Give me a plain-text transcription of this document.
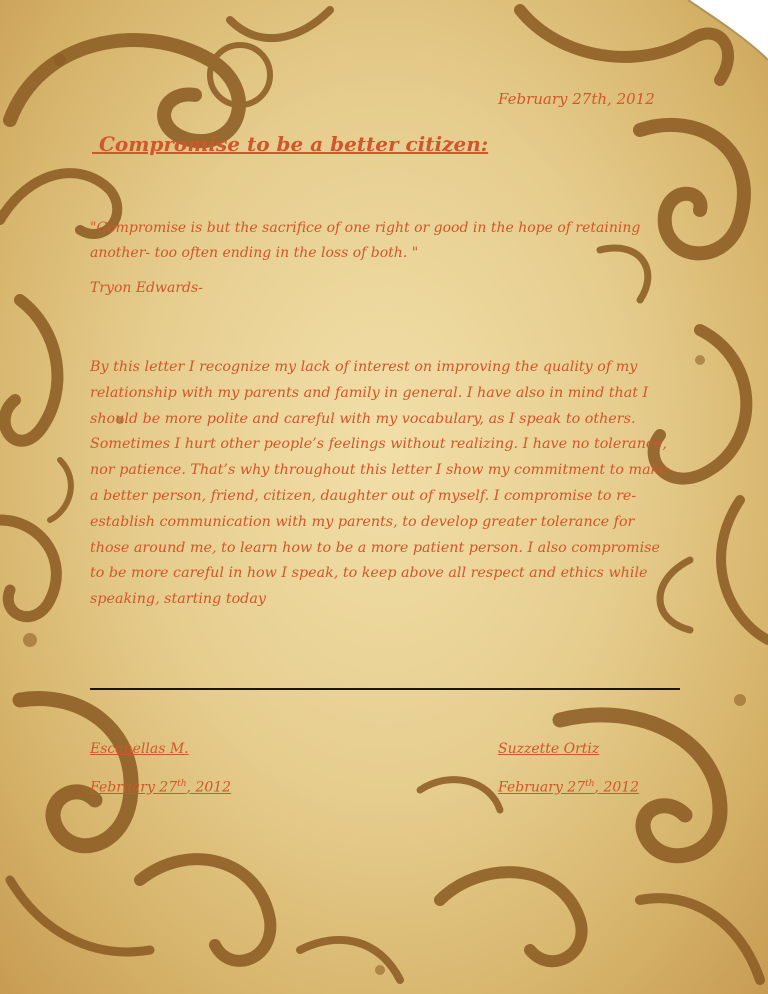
February 27th, 2012
Compromise to be a better citizen:
"Compromise is but the sacrifice of one right or good in the hope of retaining another- too often ending in the loss of both. "
Tryon Edwards-
By this letter I recognize my lack of interest on improving the quality of my relationship with my parents and family in general. I have also in mind that I should be more polite and careful with my vocabulary, as I speak to others. Sometimes I hurt other people’s feelings without realizing. I have no tolerance, nor patience. That’s why throughout this letter I show my commitment to make a better person, friend, citizen, daughter out of myself. I compromise to re-establish communication with my parents, to develop greater tolerance for those around me, to learn how to be a more patient person. I also compromise to be more careful in how I speak, to keep above all respect and ethics while speaking, starting today
Escanellas M.
February 27th, 2012
Suzzette Ortiz
February 27th, 2012
